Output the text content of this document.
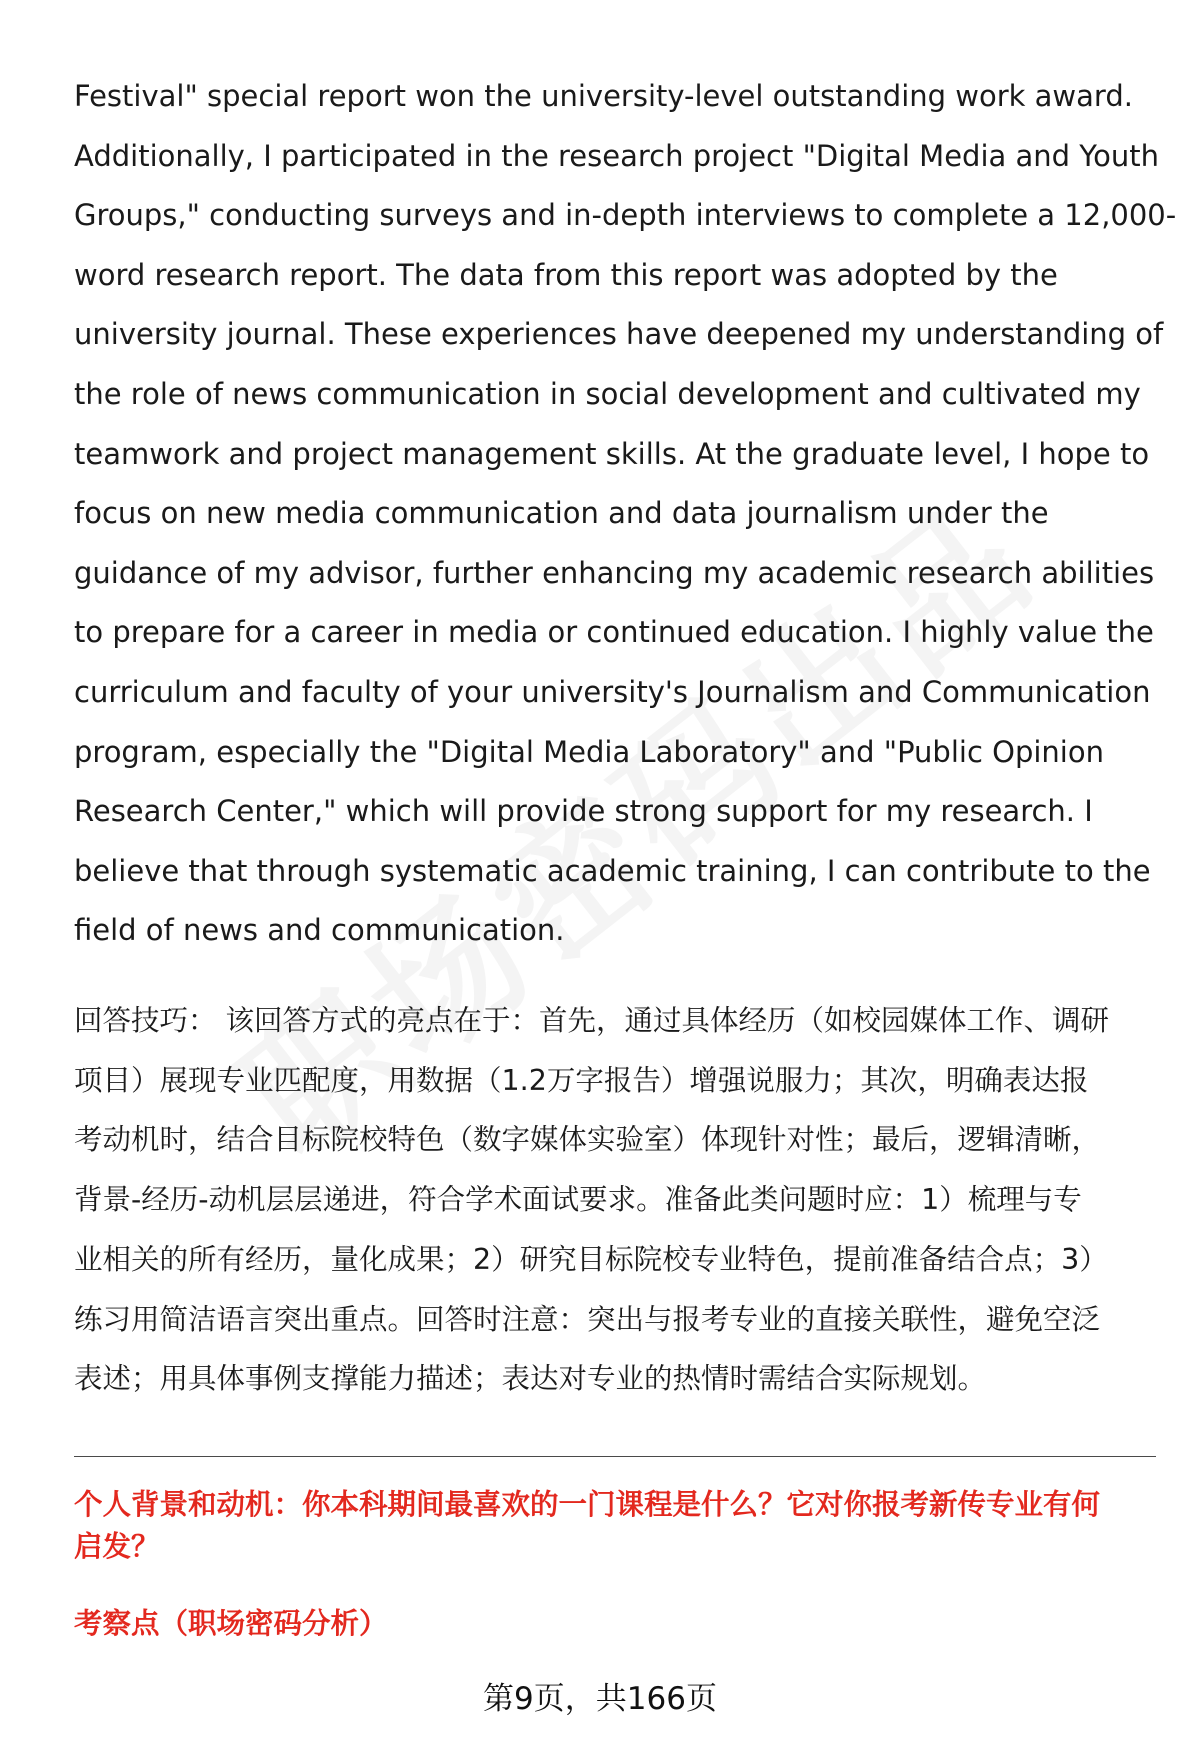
Festival" special report won the university-level outstanding work award.
Additionally, I participated in the research project "Digital Media and Youth
Groups," conducting surveys and in-depth interviews to complete a 12,000-
word research report. The data from this report was adopted by the
university journal. These experiences have deepened my understanding of
the role of news communication in social development and cultivated my
teamwork and project management skills. At the graduate level, I hope to
focus on new media communication and data journalism under the
guidance of my advisor, further enhancing my academic research abilities
to prepare for a career in media or continued education. I highly value the
curriculum and faculty of your university's Journalism and Communication
program, especially the "Digital Media Laboratory" and "Public Opinion
Research Center," which will provide strong support for my research. I
believe that through systematic academic training, I can contribute to the
field of news and communication.
回答技巧： 该回答方式的亮点在于：首先，通过具体经历（如校园媒体工作、调研
项目）展现专业匹配度，用数据（1.2万字报告）增强说服力；其次，明确表达报
考动机时，结合目标院校特色（数字媒体实验室）体现针对性；最后，逻辑清晰，
背景-经历-动机层层递进，符合学术面试要求。准备此类问题时应：1）梳理与专
业相关的所有经历，量化成果；2）研究目标院校专业特色，提前准备结合点；3）
练习用简洁语言突出重点。回答时注意：突出与报考专业的直接关联性，避免空泛
表述；用具体事例支撑能力描述；表达对专业的热情时需结合实际规划。
个人背景和动机：你本科期间最喜欢的一门课程是什么？它对你报考新传专业有何
启发？
考察点（职场密码分析）
第9页，共166页
